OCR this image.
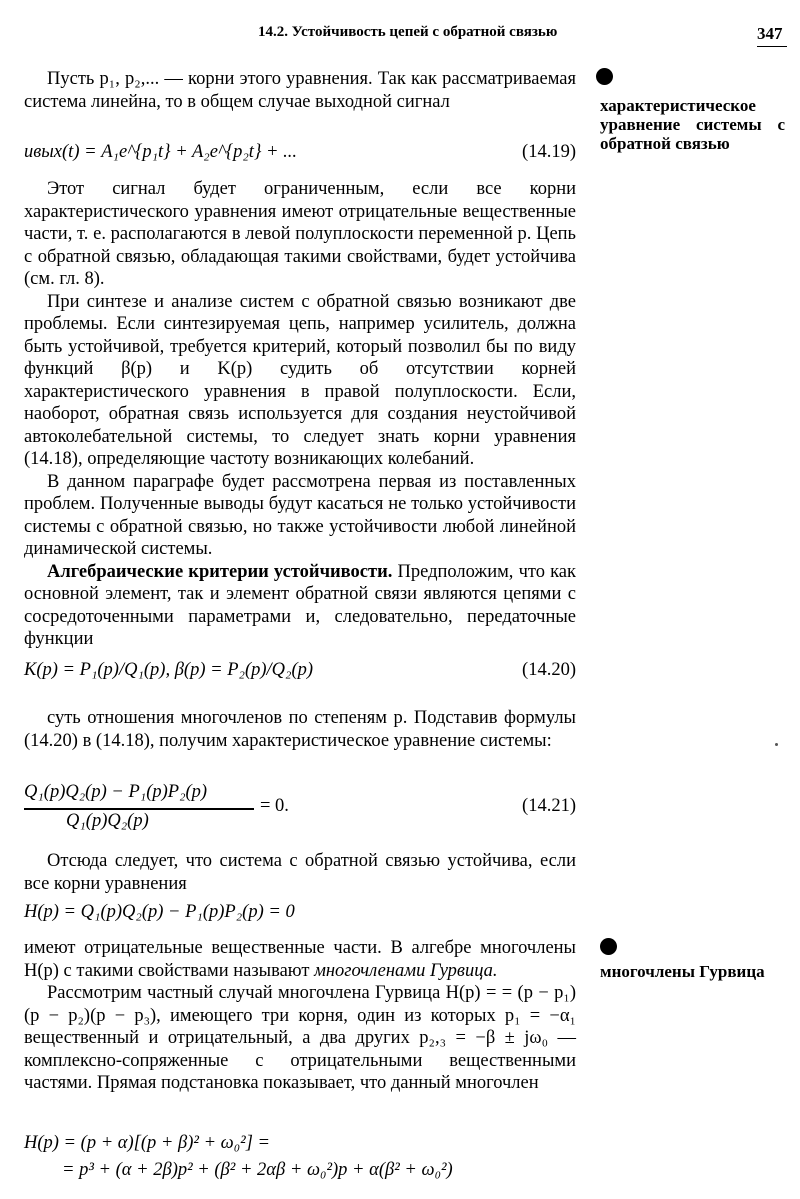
14.2. Устойчивость цепей с обратной связью	347
характеристическое уравнение системы с обратной связью
многочлены Гурвица

Пусть p₁, p₂,... — корни этого уравнения. Так как рассматриваемая система линейна, то в общем случае выходной сигнал

uвых(t) = A₁e^{p₁t} + A₂e^{p₂t} + ...	(14.19)

Этот сигнал будет ограниченным, если все корни характеристического уравнения имеют отрицательные вещественные части, т. е. располагаются в левой полуплоскости переменной p. Цепь с обратной связью, обладающая такими свойствами, будет устойчива (см. гл. 8).

При синтезе и анализе систем с обратной связью возникают две проблемы. Если синтезируемая цепь, например усилитель, должна быть устойчивой, требуется критерий, который позволил бы по виду функций β(p) и K(p) судить об отсутствии корней характеристического уравнения в правой полуплоскости. Если, наоборот, обратная связь используется для создания неустойчивой автоколебательной системы, то следует знать корни уравнения (14.18), определяющие частоту возникающих колебаний.

В данном параграфе будет рассмотрена первая из поставленных проблем. Полученные выводы будут касаться не только устойчивости системы с обратной связью, но также устойчивости любой линейной динамической системы.

Алгебраические критерии устойчивости. Предположим, что как основной элемент, так и элемент обратной связи являются цепями с сосредоточенными параметрами и, следовательно, передаточные функции

K(p) = P₁(p)/Q₁(p), β(p) = P₂(p)/Q₂(p)	(14.20)

суть отношения многочленов по степеням p. Подставив формулы (14.20) в (14.18), получим характеристическое уравнение системы:

Q₁(p)Q₂(p) − P₁(p)P₂(p)
Q₁(p)Q₂(p)
= 0.	(14.21)

Отсюда следует, что система с обратной связью устойчива, если все корни уравнения

H(p) = Q₁(p)Q₂(p) − P₁(p)P₂(p) = 0

имеют отрицательные вещественные части. В алгебре многочлены H(p) с такими свойствами называют многочленами Гурвица.

Рассмотрим частный случай многочлена Гурвица H(p) = = (p − p₁)(p − p₂)(p − p₃), имеющего три корня, один из которых p₁ = −α₁ вещественный и отрицательный, а два других p₂,₃ = −β ± jω₀ — комплексно-сопряженные с отрицательными вещественными частями. Прямая подстановка показывает, что данный многочлен

H(p) = (p + α)[(p + β)² + ω₀²] =
= p³ + (α + 2β)p² + (β² + 2αβ + ω₀²)p + α(β² + ω₀²)
